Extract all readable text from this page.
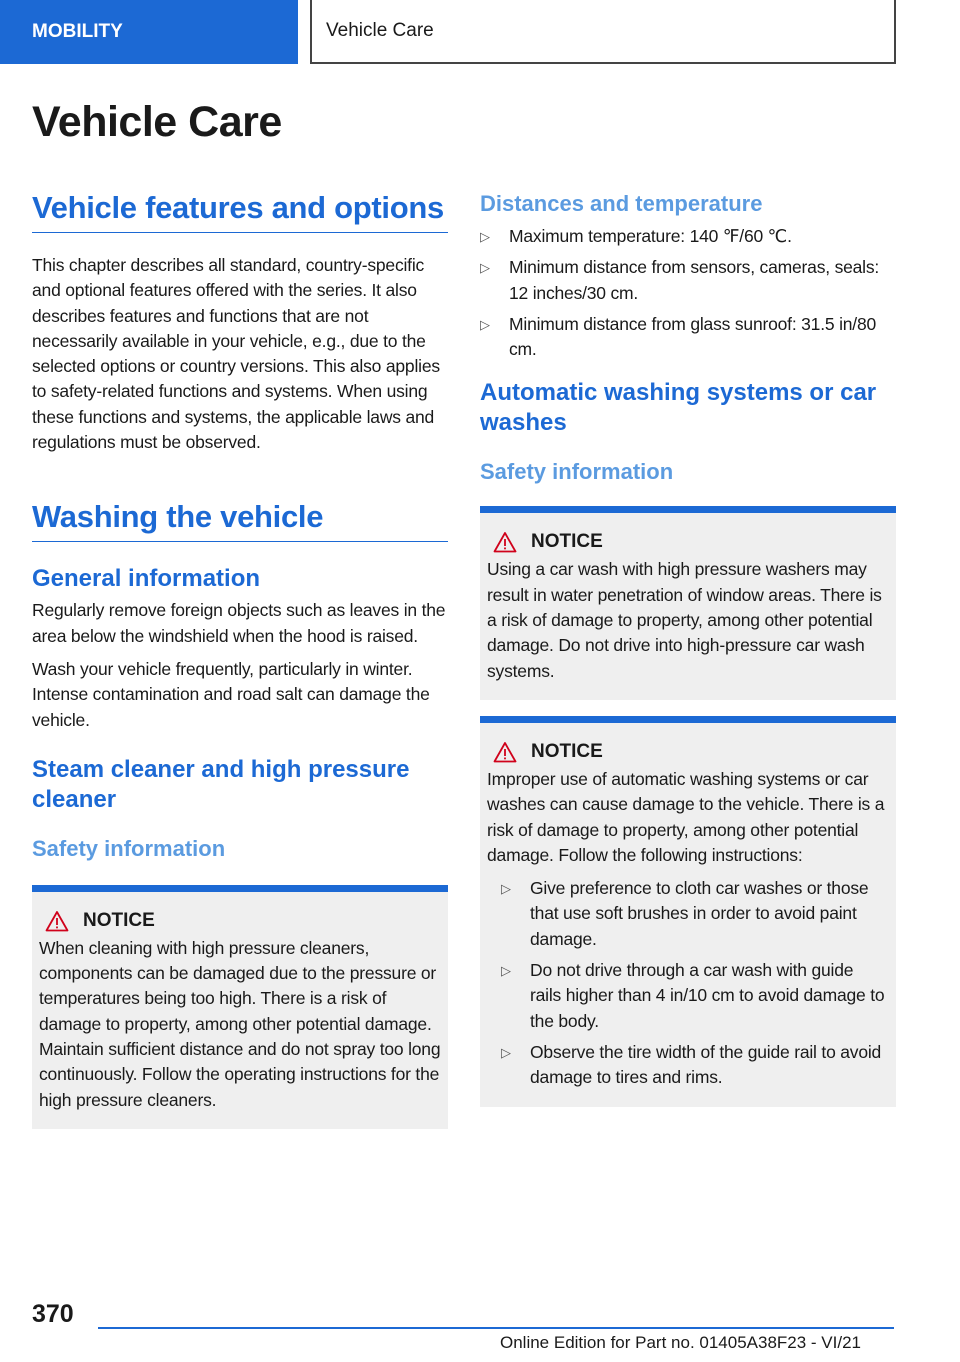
MOBILITY	Vehicle Care
Vehicle Care
Vehicle features and options

This chapter describes all standard, country-specific and optional features offered with the series. It also describes features and functions that are not necessarily available in your vehicle, e.g., due to the selected options or country versions. This also applies to safety-related functions and systems. When using these functions and systems, the applicable laws and regulations must be observed.

Washing the vehicle
General information

Regularly remove foreign objects such as leaves in the area below the windshield when the hood is raised.

Wash your vehicle frequently, particularly in winter. Intense contamination and road salt can damage the vehicle.

Steam cleaner and high pressure cleaner
Safety information
NOTICE

When cleaning with high pressure cleaners, components can be damaged due to the pressure or temperatures being too high. There is a risk of damage to property, among other potential damage. Maintain sufficient distance and do not spray too long continuously. Follow the operating instructions for the high pressure cleaners.

Distances and temperature
▷ Maximum temperature: 140 ℉/60 ℃.
▷ Minimum distance from sensors, cameras, seals: 12 inches/30 cm.
▷ Minimum distance from glass sunroof: 31.5 in/80 cm.
Automatic washing systems or car washes
Safety information
NOTICE

Using a car wash with high pressure washers may result in water penetration of window areas. There is a risk of damage to property, among other potential damage. Do not drive into high-pressure car wash systems.

NOTICE

Improper use of automatic washing systems or car washes can cause damage to the vehicle. There is a risk of damage to property, among other potential damage. Follow the following instructions:

▷ Give preference to cloth car washes or those that use soft brushes in order to avoid paint damage.
▷ Do not drive through a car wash with guide rails higher than 4 in/10 cm to avoid damage to the body.
▷ Observe the tire width of the guide rail to avoid damage to tires and rims.
370
Online Edition for Part no. 01405A38F23 - VI/21
